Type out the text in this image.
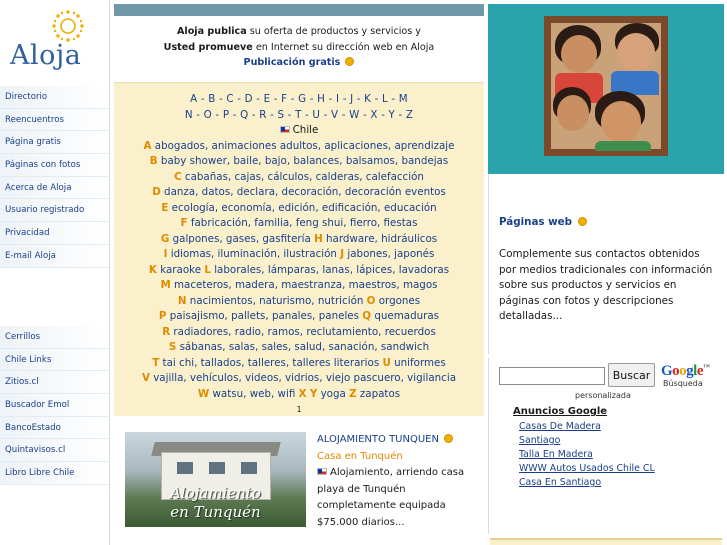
Aloja
Directorio
Reencuentros
Página gratis
Páginas con fotos
Acerca de Aloja
Usuario registrado
Privacidad
E-mail Aloja
Cerrillos
Chile Links
Zitios.cl
Buscador Emol
BancoEstado
Quintavisos.cl
Libro Libre Chile
Aloja publica su oferta de productos y servicios y
Usted promueve en Internet su dirección web en Aloja
Publicación gratis
A - B - C - D - E - F - G - H - I - J - K - L - M
N - O - P - Q - R - S - T - U - V - W - X - Y - Z
Chile
A abogados, animaciones adultos, aplicaciones, aprendizaje
B baby shower, baile, bajo, balances, balsamos, bandejas
C cabañas, cajas, cálculos, calderas, calefacción
D danza, datos, declara, decoración, decoración eventos
E ecología, economía, edición, edificación, educación
F fabricación, familia, feng shui, fierro, fiestas
G galpones, gases, gasfitería H hardware, hidráulicos
I idiomas, iluminación, ilustración J jabones, japonés
K karaoke L laborales, lámparas, lanas, lápices, lavadoras
M maceteros, madera, maestranza, maestros, magos
N nacimientos, naturismo, nutrición O orgones
P paisajismo, pallets, panales, paneles Q quemaduras
R radiadores, radio, ramos, reclutamiento, recuerdos
S sábanas, salas, sales, salud, sanación, sandwich
T tai chi, tallados, talleres, talleres literarios U uniformes
V vajilla, vehículos, videos, vidrios, viejo pascuero, vigilancia
W watsu, web, wifi X Y yoga Z zapatos
1
Alojamiento
en Tunquén
ALOJAMIENTO TUNQUEN
Casa en Tunquén
Alojamiento, arriendo casa playa de Tunquén completamente equipada $75.000 diarios...
Páginas web
Complemente sus contactos obtenidos por medios tradicionales con información sobre sus productos y servicios en páginas con fotos y descripciones detalladas...
Buscar Google™
Búsqueda
personalizada
Anuncios Google
Casas De Madera
Santiago
Talla En Madera
WWW Autos Usados Chile CL
Casa En Santiago
